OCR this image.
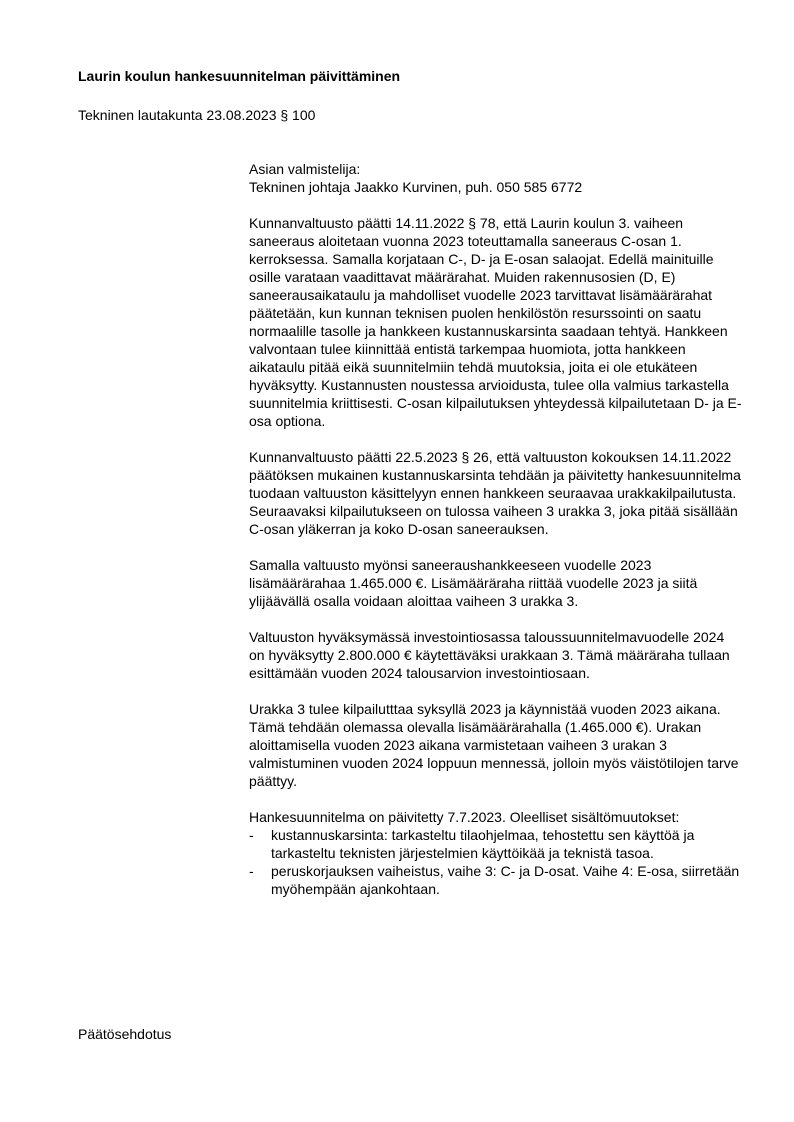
Laurin koulun hankesuunnitelman päivittäminen

Tekninen lautakunta 23.08.2023 § 100

Asian valmistelija:
Tekninen johtaja Jaakko Kurvinen, puh. 050 585 6772

Kunnanvaltuusto päätti 14.11.2022 § 78, että Laurin koulun 3. vaiheen saneeraus aloitetaan vuonna 2023 toteuttamalla saneeraus C-osan 1. kerroksessa. Samalla korjataan C-, D- ja E-osan salaojat. Edellä mainituille osille varataan vaadittavat määrärahat. Muiden rakennusosien (D, E) saneerausaikataulu ja mahdolliset vuodelle 2023 tarvittavat lisämäärärahat päätetään, kun kunnan teknisen puolen henkilöstön resurssointi on saatu normaalille tasolle ja hankkeen kustannuskarsinta saadaan tehtyä. Hankkeen valvontaan tulee kiinnittää entistä tarkempaa huomiota, jotta hankkeen aikataulu pitää eikä suunnitelmiin tehdä muutoksia, joita ei ole etukäteen hyväksytty. Kustannusten noustessa arvioidusta, tulee olla valmius tarkastella suunnitelmia kriittisesti. C-osan kilpailutuksen yhteydessä kilpailutetaan D- ja E-osa optiona.

Kunnanvaltuusto päätti 22.5.2023 § 26, että valtuuston kokouksen 14.11.2022 päätöksen mukainen kustannuskarsinta tehdään ja päivitetty hankesuunnitelma tuodaan valtuuston käsittelyyn ennen hankkeen seuraavaa urakkakilpailutusta. Seuraavaksi kilpailutukseen on tulossa vaiheen 3 urakka 3, joka pitää sisällään C-osan yläkerran ja koko D-osan saneerauksen.

Samalla valtuusto myönsi saneeraushankkeeseen vuodelle 2023 lisämäärärahaa 1.465.000 €. Lisämääräraha riittää vuodelle 2023 ja siitä ylijäävällä osalla voidaan aloittaa vaiheen 3 urakka 3.

Valtuuston hyväksymässä investointiosassa taloussuunnitelmavuodelle 2024 on hyväksytty 2.800.000 € käytettäväksi urakkaan 3. Tämä määräraha tullaan esittämään vuoden 2024 talousarvion investointiosaan.

Urakka 3 tulee kilpailutttaa syksyllä 2023 ja käynnistää vuoden 2023 aikana. Tämä tehdään olemassa olevalla lisämäärärahalla (1.465.000 €). Urakan aloittamisella vuoden 2023 aikana varmistetaan vaiheen 3 urakan 3 valmistuminen vuoden 2024 loppuun mennessä, jolloin myös väistötilojen tarve päättyy.

Hankesuunnitelma on päivitetty 7.7.2023. Oleelliset sisältömuutokset:

- kustannuskarsinta: tarkasteltu tilaohjelmaa, tehostettu sen käyttöä ja tarkasteltu teknisten järjestelmien käyttöikää ja teknistä tasoa.
- peruskorjauksen vaiheistus, vaihe 3: C- ja D-osat. Vaihe 4: E-osa, siirretään myöhempään ajankohtaan.

Päätösehdotus
